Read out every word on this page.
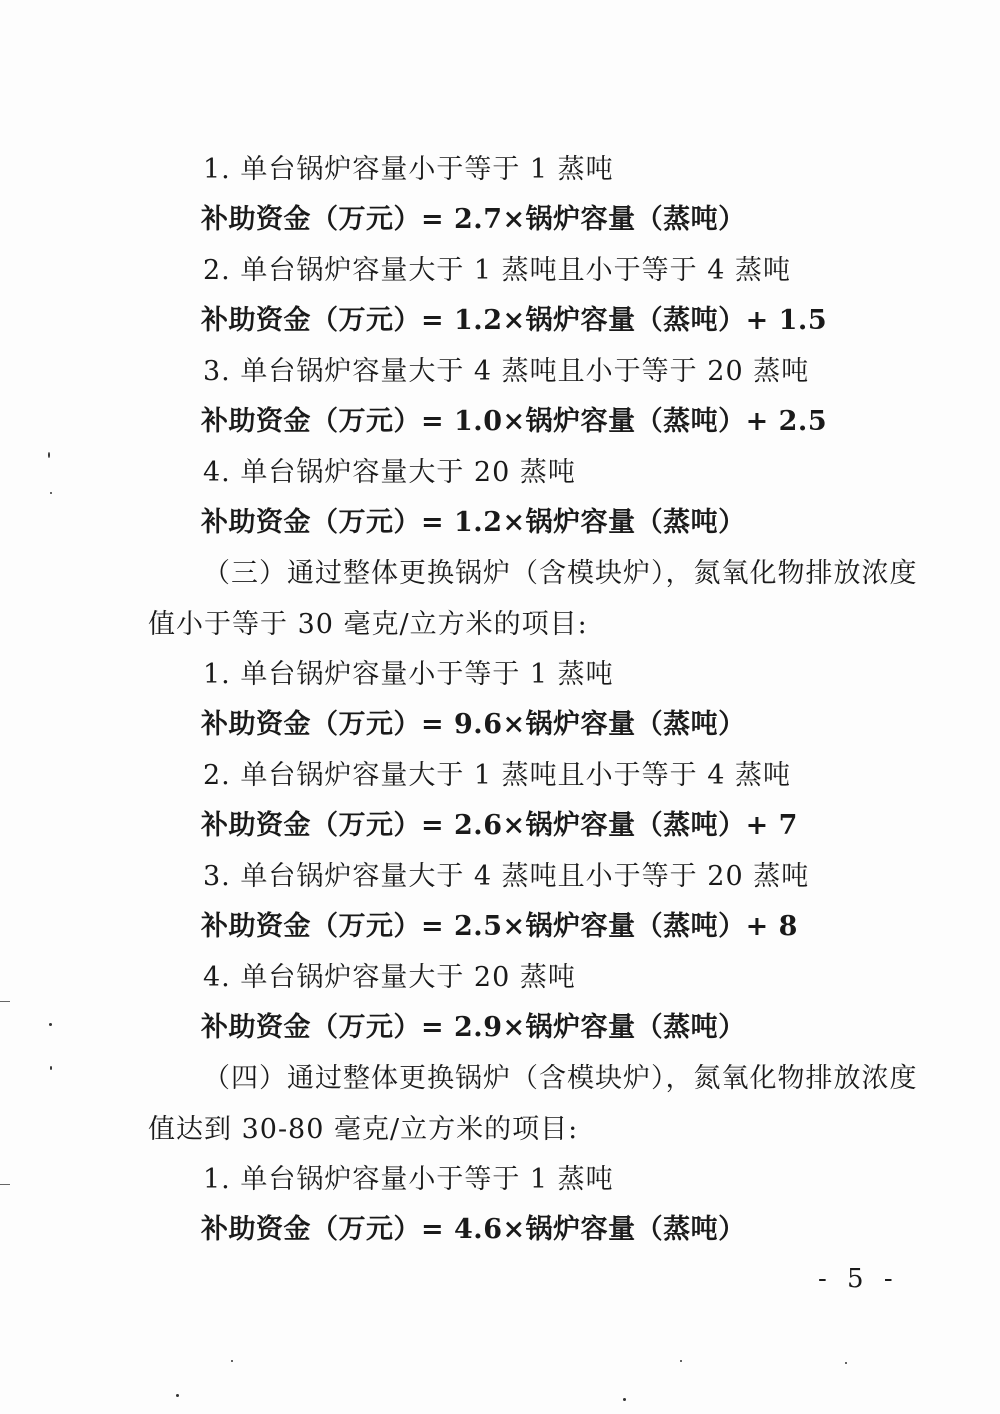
1. 单台锅炉容量小于等于 1 蒸吨
补助资金（万元）= 2.7×锅炉容量（蒸吨）
2. 单台锅炉容量大于 1 蒸吨且小于等于 4 蒸吨
补助资金（万元）= 1.2×锅炉容量（蒸吨）+ 1.5
3. 单台锅炉容量大于 4 蒸吨且小于等于 20 蒸吨
补助资金（万元）= 1.0×锅炉容量（蒸吨）+ 2.5
4. 单台锅炉容量大于 20 蒸吨
补助资金（万元）= 1.2×锅炉容量（蒸吨）
（三）通过整体更换锅炉（含模块炉），氮氧化物排放浓度
值小于等于 30 毫克/立方米的项目:
1. 单台锅炉容量小于等于 1 蒸吨
补助资金（万元）= 9.6×锅炉容量（蒸吨）
2. 单台锅炉容量大于 1 蒸吨且小于等于 4 蒸吨
补助资金（万元）= 2.6×锅炉容量（蒸吨）+ 7
3. 单台锅炉容量大于 4 蒸吨且小于等于 20 蒸吨
补助资金（万元）= 2.5×锅炉容量（蒸吨）+ 8
4. 单台锅炉容量大于 20 蒸吨
补助资金（万元）= 2.9×锅炉容量（蒸吨）
（四）通过整体更换锅炉（含模块炉），氮氧化物排放浓度
值达到 30-80 毫克/立方米的项目:
1. 单台锅炉容量小于等于 1 蒸吨
补助资金（万元）= 4.6×锅炉容量（蒸吨）
- 5 -
